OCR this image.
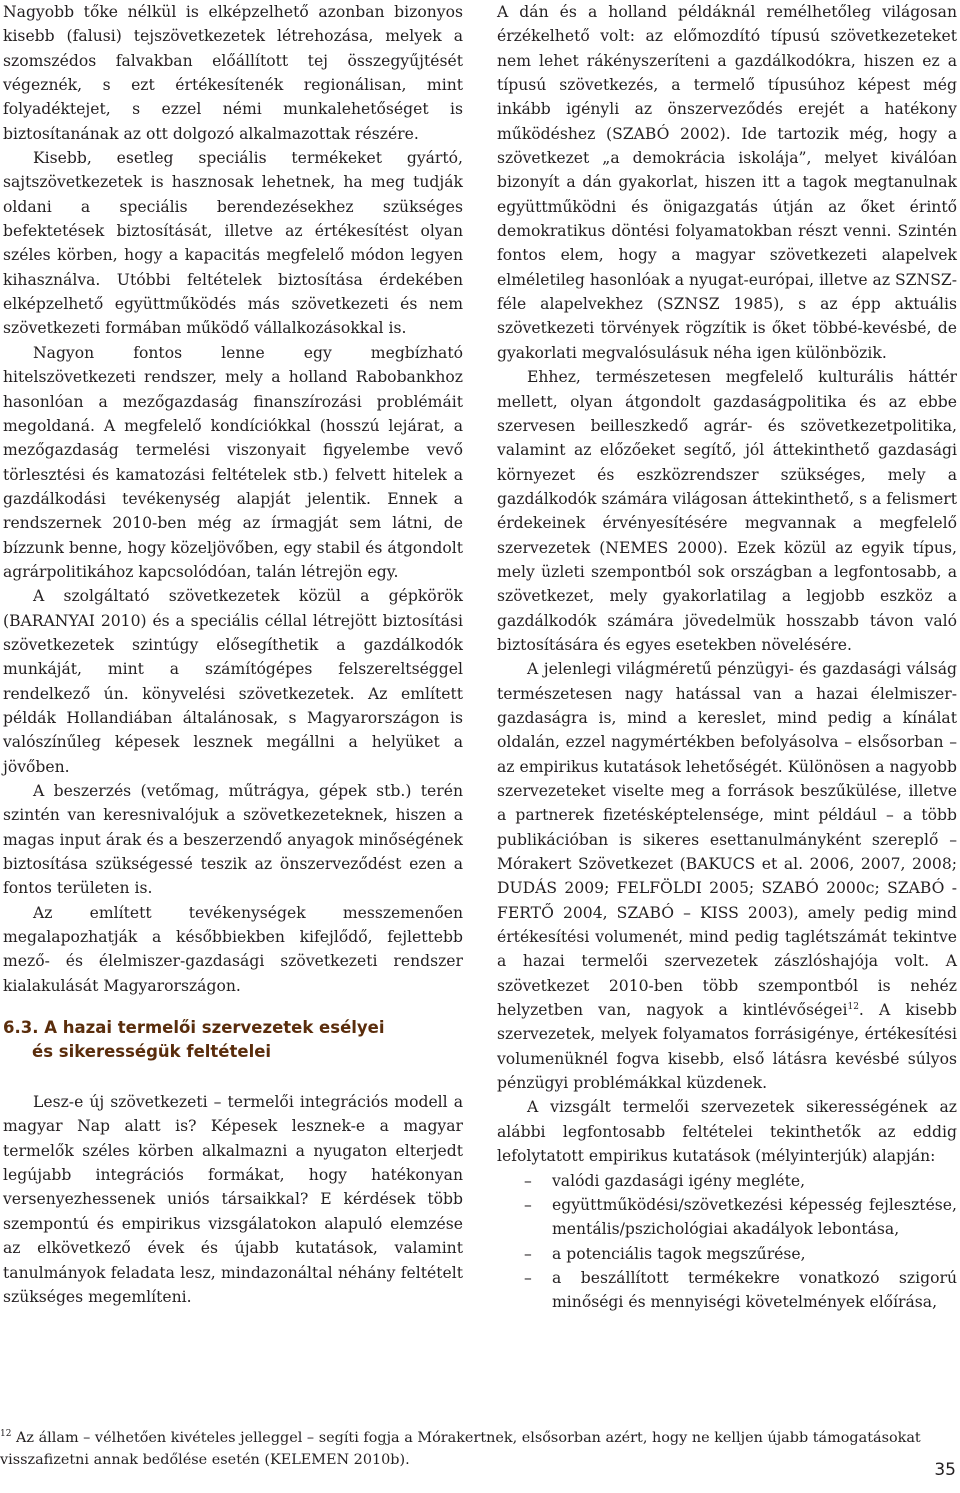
Nagyobb tőke nélkül is elképzelhető azonban bizonyos kisebb (falusi) tejszövetkezetek létrehozása, melyek a szomszédos falvakban előállított tej összegyűjtését végeznék, s ezt értékesítenék regionálisan, mint folyadéktejet, s ezzel némi munkalehetőséget is biztosítanának az ott dolgozó alkalmazottak részére.

Kisebb, esetleg speciális termékeket gyártó, sajtszövetkezetek is hasznosak lehetnek, ha meg tudják oldani a speciális berendezésekhez szükséges befektetések biztosítását, illetve az értékesítést olyan széles körben, hogy a kapacitás megfelelő módon legyen kihasználva. Utóbbi feltételek biztosítása érdekében elképzelhető együttműködés más szövetkezeti és nem szövetkezeti formában működő vállalkozásokkal is.

Nagyon fontos lenne egy megbízható hitelszövetkezeti rendszer, mely a holland Rabobankhoz hasonlóan a mezőgazdaság finanszírozási problémáit megoldaná. A megfelelő kondíciókkal (hosszú lejárat, a mezőgazdaság termelési viszonyait figyelembe vevő törlesztési és kamatozási feltételek stb.) felvett hitelek a gazdálkodási tevékenység alapját jelentik. Ennek a rendszernek 2010-ben még az írmagját sem látni, de bízzunk benne, hogy közeljövőben, egy stabil és átgondolt agrárpolitikához kapcsolódóan, talán létrejön egy.

A szolgáltató szövetkezetek közül a gépkörök (BARANYAI 2010) és a speciális céllal létrejött biztosítási szövetkezetek szintúgy elősegíthetik a gazdálkodók munkáját, mint a számítógépes felszereltséggel rendelkező ún. könyvelési szövetkezetek. Az említett példák Hollandiában általánosak, s Magyarországon is valószínűleg képesek lesznek megállni a helyüket a jövőben.

A beszerzés (vetőmag, műtrágya, gépek stb.) terén szintén van keresnivalójuk a szövetkezeteknek, hiszen a magas input árak és a beszerzendő anyagok minőségének biztosítása szükségessé teszik az önszerveződést ezen a fontos területen is.

Az említett tevékenységek messzemenően megalapozhatják a későbbiekben kifejlődő, fejlettebb mező- és élelmiszer-gazdasági szövetkezeti rendszer kialakulását Magyarországon.

6.3. A hazai termelői szervezetek esélyei
és sikerességük feltételei

Lesz-e új szövetkezeti – termelői integrációs modell a magyar Nap alatt is? Képesek lesznek-e a magyar termelők széles körben alkalmazni a nyugaton elterjedt legújabb integrációs formákat, hogy hatékonyan versenyezhessenek uniós társaikkal? E kérdések több szempontú és empirikus vizsgálatokon alapuló elemzése az elkövetkező évek és újabb kutatások, valamint tanulmányok feladata lesz, mindazonáltal néhány feltételt szükséges megemlíteni.

A dán és a holland példáknál remélhetőleg világosan érzékelhető volt: az előmozdító típusú szövetkezeteket nem lehet rákényszeríteni a gazdálkodókra, hiszen ez a típusú szövetkezés, a termelő típusúhoz képest még inkább igényli az önszerveződés erejét a hatékony működéshez (SZABÓ 2002). Ide tartozik még, hogy a szövetkezet „a demokrácia iskolája”, melyet kiválóan bizonyít a dán gyakorlat, hiszen itt a tagok megtanulnak együttműködni és önigazgatás útján az őket érintő demokratikus döntési folyamatokban részt venni. Szintén fontos elem, hogy a magyar szövetkezeti alapelvek elméletileg hasonlóak a nyugat-európai, illetve az SZNSZ-féle alapelvekhez (SZNSZ 1985), s az épp aktuális szövetkezeti törvények rögzítik is őket többé-kevésbé, de gyakorlati megvalósulásuk néha igen különbözik.

Ehhez, természetesen megfelelő kulturális háttér mellett, olyan átgondolt gazdaságpolitika és az ebbe szervesen beilleszkedő agrár- és szövetkezetpolitika, valamint az előzőeket segítő, jól áttekinthető gazdasági környezet és eszközrendszer szükséges, mely a gazdálkodók számára világosan áttekinthető, s a felismert érdekeinek érvényesítésére megvannak a megfelelő szervezetek (NEMES 2000). Ezek közül az egyik típus, mely üzleti szempontból sok országban a legfontosabb, a szövetkezet, mely gyakorlatilag a legjobb eszköz a gazdálkodók számára jövedelmük hosszabb távon való biztosítására és egyes esetekben növelésére.

A jelenlegi világméretű pénzügyi- és gazdasági válság természetesen nagy hatással van a hazai élelmiszer-gazdaságra is, mind a kereslet, mind pedig a kínálat oldalán, ezzel nagymértékben befolyásolva – elsősorban – az empirikus kutatások lehetőségét. Különösen a nagyobb szervezeteket viselte meg a források beszűkülése, illetve a partnerek fizetésképtelensége, mint például – a több publikációban is sikeres esettanulmányként szereplő – Mórakert Szövetkezet (BAKUCS et al. 2006, 2007, 2008; DUDÁS 2009; FELFÖLDI 2005; SZABÓ 2000c; SZABÓ - FERTŐ 2004, SZABÓ – KISS 2003), amely pedig mind értékesítési volumenét, mind pedig taglétszámát tekintve a hazai termelői szervezetek zászlóshajója volt. A szövetkezet 2010-ben több szempontból is nehéz helyzetben van, nagyok a kintlévőségei$^{12}$. A kisebb szervezetek, melyek folyamatos forrásigénye, értékesítési volumenüknél fogva kisebb, első látásra kevésbé súlyos pénzügyi problémákkal küzdenek.

A vizsgált termelői szervezetek sikerességének az alábbi legfontosabb feltételei tekinthetők az eddig lefolytatott empirikus kutatások (mélyinterjúk) alapján:

– valódi gazdasági igény megléte,
– együttműködési/szövetkezési képesség fejlesztése, mentális/pszichológiai akadályok lebontása,
– a potenciális tagok megszűrése,
– a beszállított termékekre vonatkozó szigorú minőségi és mennyiségi követelmények előírása,
$^{12}$ Az állam – vélhetően kivételes jelleggel – segíti fogja a Mórakertnek, elsősorban azért, hogy ne kelljen újabb támogatásokat visszafizetni annak bedőlése esetén (KELEMEN 2010b).	35
